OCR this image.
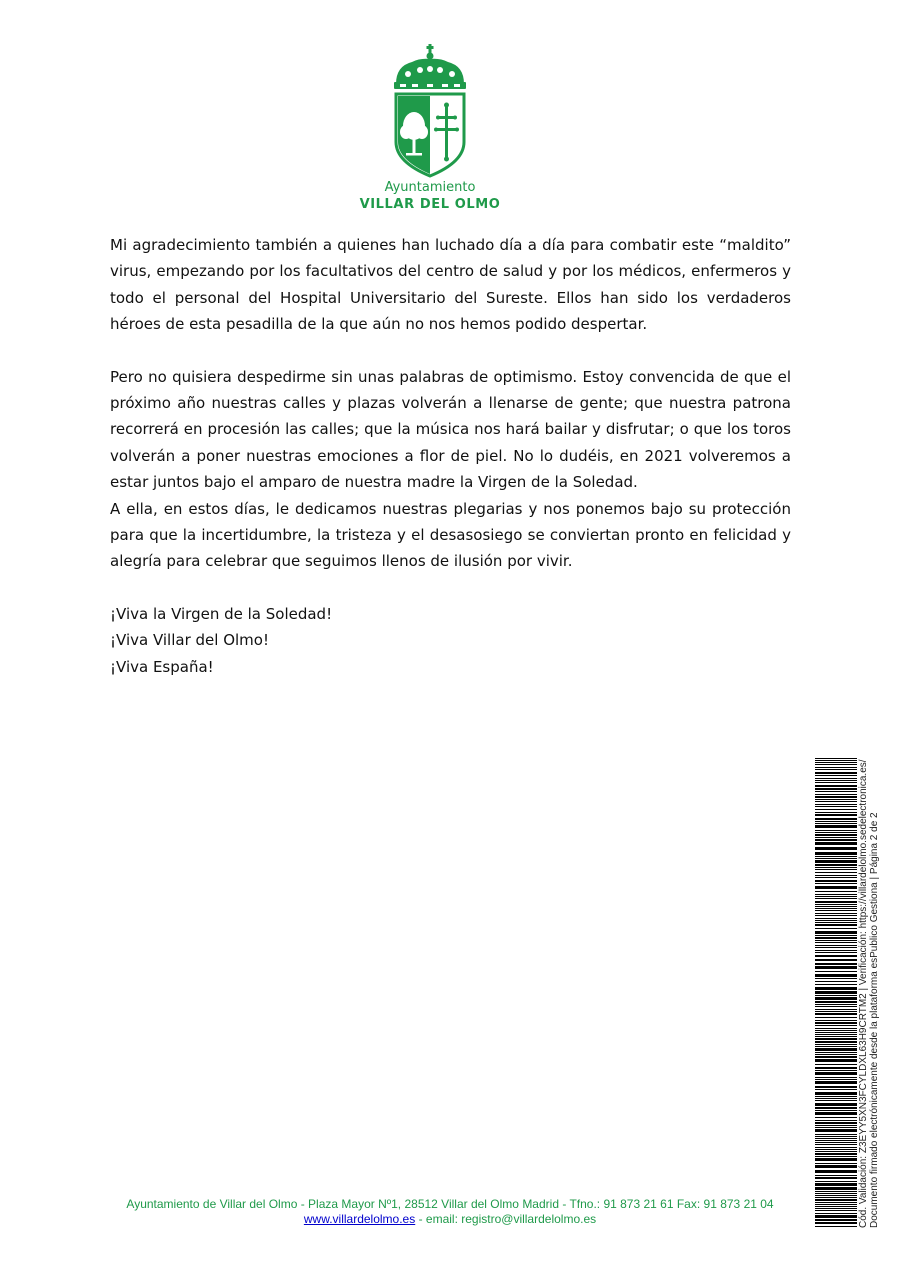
Ayuntamiento
VILLAR DEL OLMO

Mi agradecimiento también a quienes han luchado día a día para combatir este “maldito” virus, empezando por los facultativos del centro de salud y por los médicos, enfermeros y todo el personal del Hospital Universitario del Sureste. Ellos han sido los verdaderos héroes de esta pesadilla de la que aún no nos hemos podido despertar.

Pero no quisiera despedirme sin unas palabras de optimismo. Estoy convencida de que el próximo año nuestras calles y plazas volverán a llenarse de gente; que nuestra patrona recorrerá en procesión las calles; que la música nos hará bailar y disfrutar; o que los toros volverán a poner nuestras emociones a flor de piel. No lo dudéis, en 2021 volveremos a estar juntos bajo el amparo de nuestra madre la Virgen de la Soledad.

A ella, en estos días, le dedicamos nuestras plegarias y nos ponemos bajo su protección para que la incertidumbre, la tristeza y el desasosiego se conviertan pronto en felicidad y alegría para celebrar que seguimos llenos de ilusión por vivir.

¡Viva la Virgen de la Soledad!

¡Viva Villar del Olmo!

¡Viva España!

Cód. Validación: Z3EYY5XN3FCYLDXL63H9CRTM2 | Verificación: https://villardelolmo.sedelectronica.es/ Documento firmado electrónicamente desde la plataforma esPublico Gestiona | Página 2 de 2
Ayuntamiento de Villar del Olmo - Plaza Mayor Nº1, 28512 Villar del Olmo Madrid - Tfno.: 91 873 21 61 Fax: 91 873 21 04
www.villardelolmo.es - email: registro@villardelolmo.es
